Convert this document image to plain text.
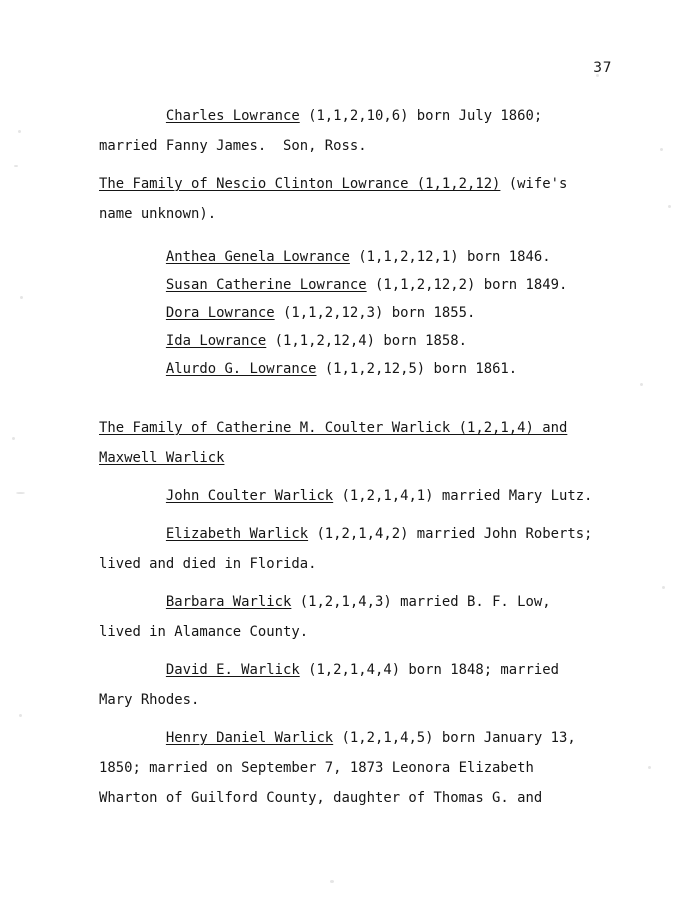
37
Charles Lowrance (1,1,2,10,6) born July 1860;
married Fanny James.  Son, Ross.
The Family of Nescio Clinton Lowrance (1,1,2,12) (wife's
name unknown).
Anthea Genela Lowrance (1,1,2,12,1) born 1846.
Susan Catherine Lowrance (1,1,2,12,2) born 1849.
Dora Lowrance (1,1,2,12,3) born 1855.
Ida Lowrance (1,1,2,12,4) born 1858.
Alurdo G. Lowrance (1,1,2,12,5) born 1861.
The Family of Catherine M. Coulter Warlick (1,2,1,4) and
Maxwell Warlick
John Coulter Warlick (1,2,1,4,1) married Mary Lutz.
Elizabeth Warlick (1,2,1,4,2) married John Roberts;
lived and died in Florida.
Barbara Warlick (1,2,1,4,3) married B. F. Low,
lived in Alamance County.
David E. Warlick (1,2,1,4,4) born 1848; married
Mary Rhodes.
Henry Daniel Warlick (1,2,1,4,5) born January 13,
1850; married on September 7, 1873 Leonora Elizabeth
Wharton of Guilford County, daughter of Thomas G. and
